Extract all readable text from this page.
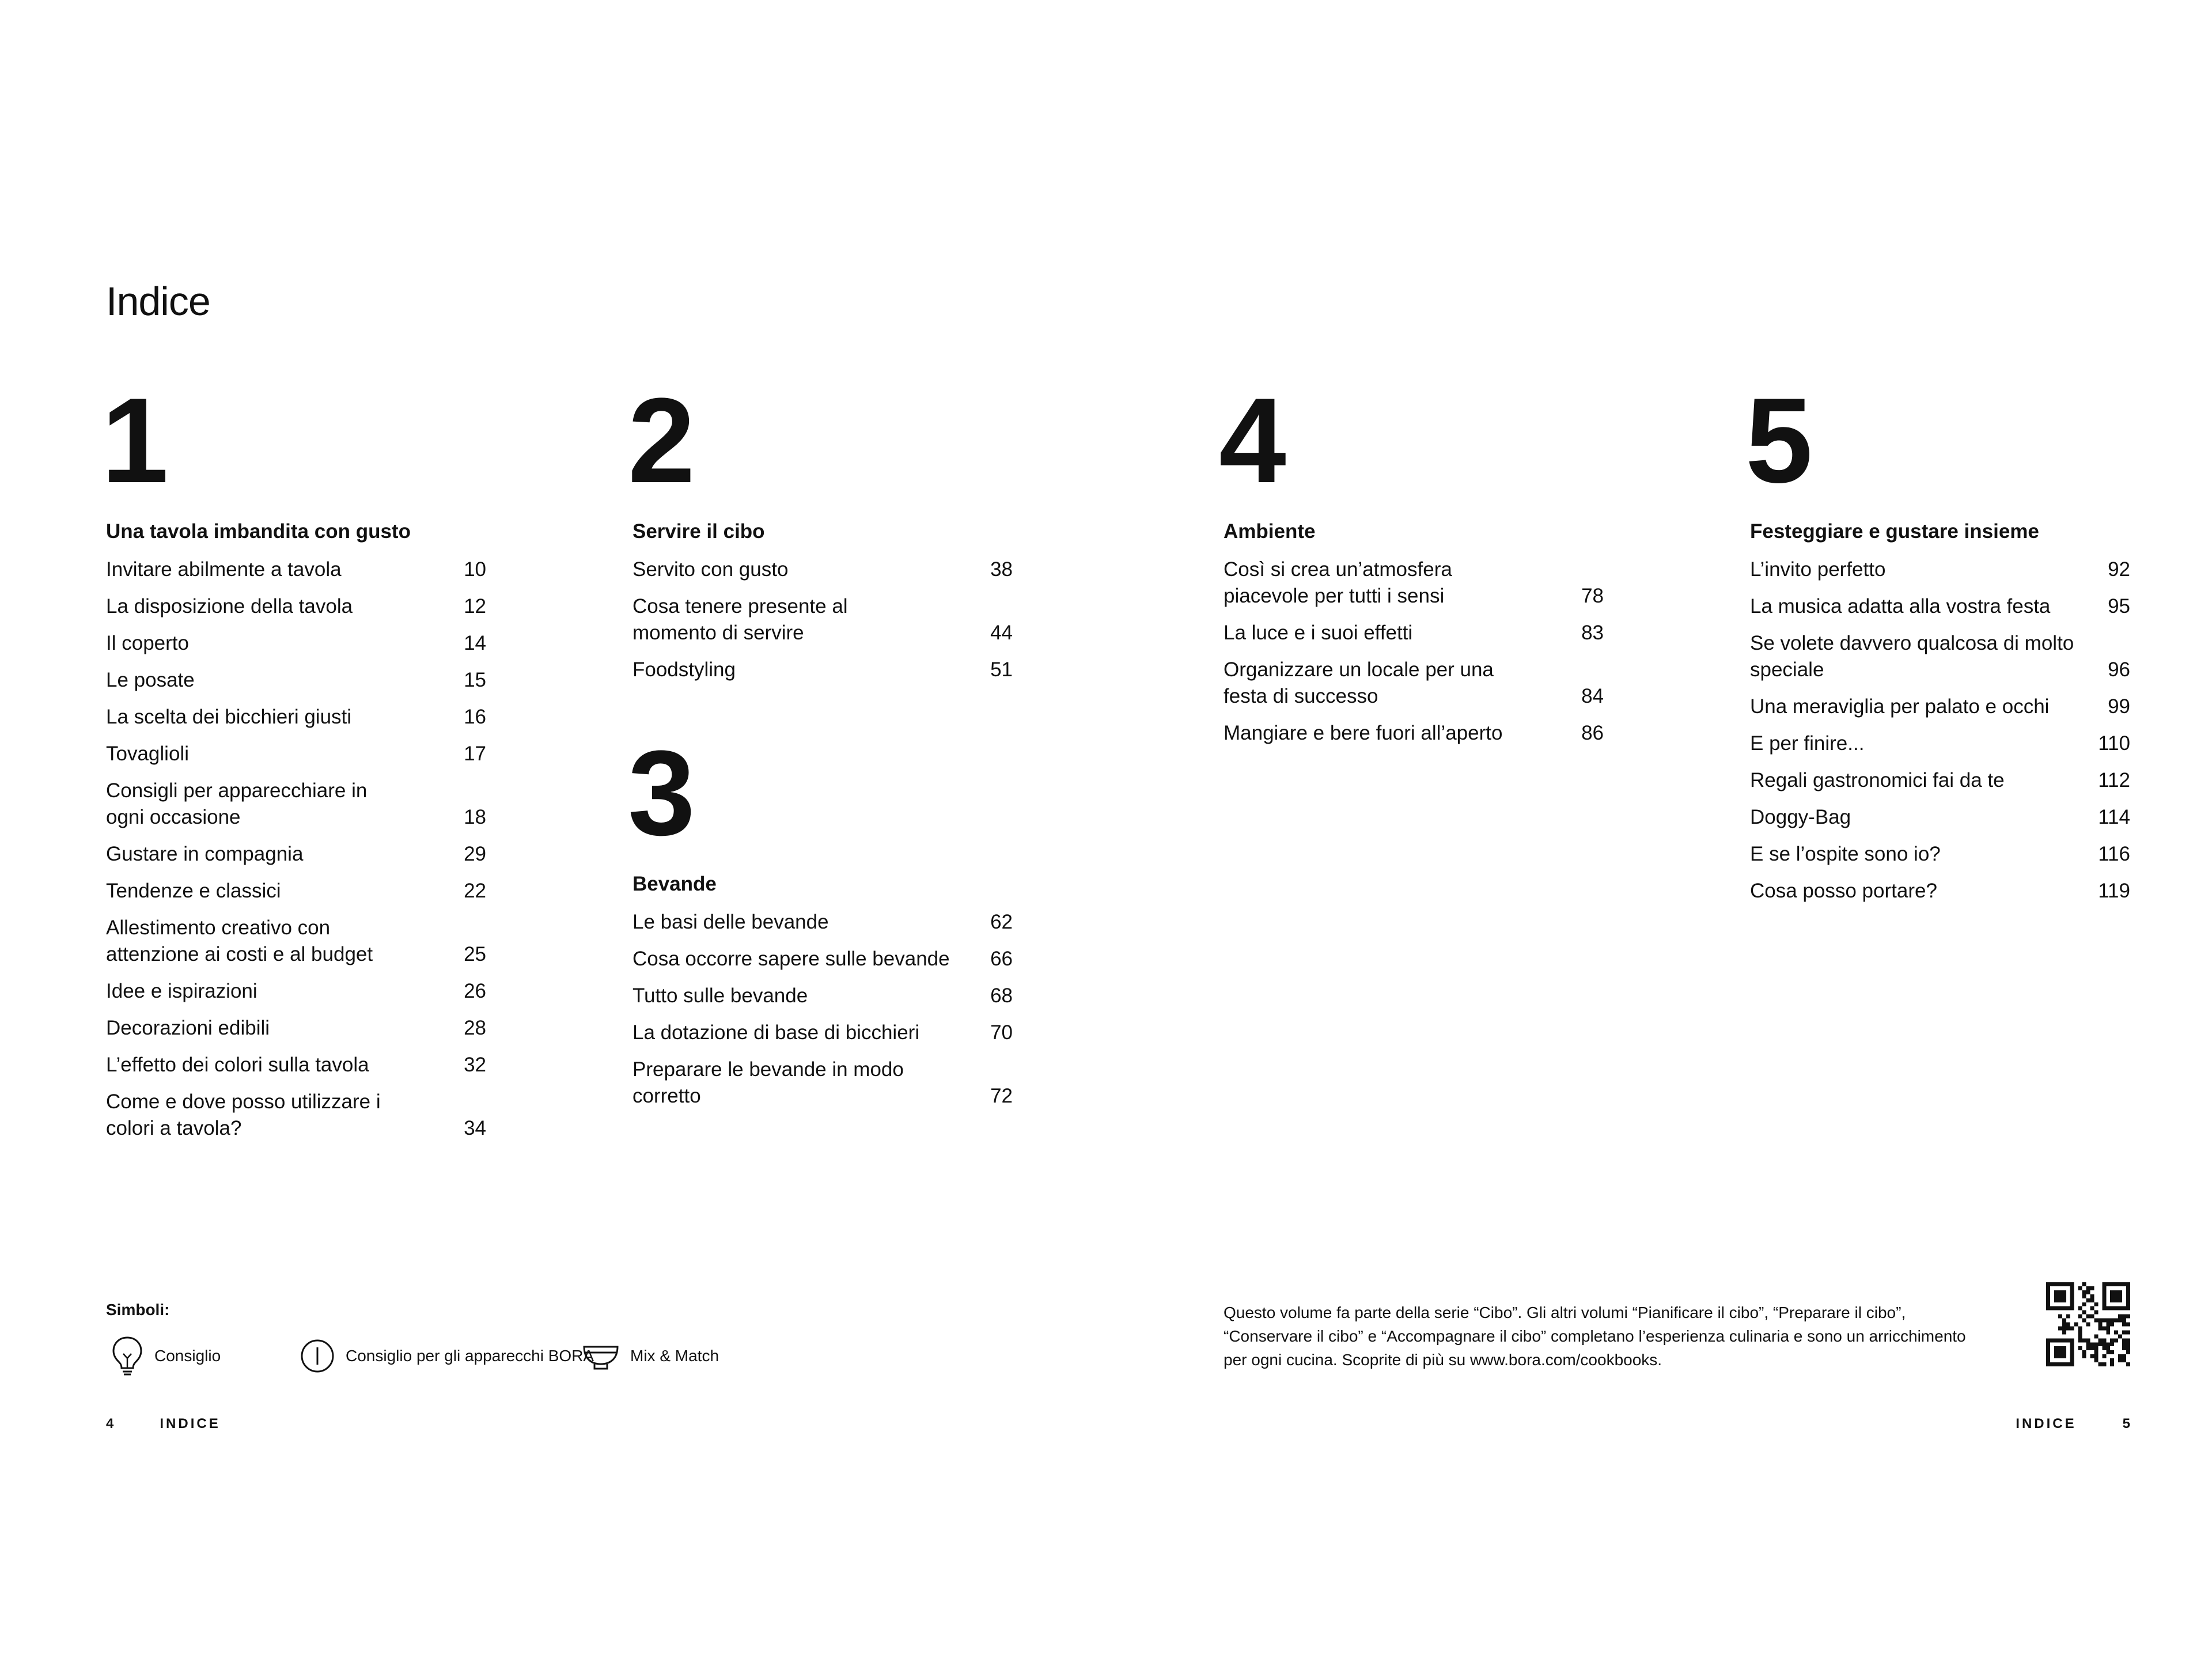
Indice
1
Una tavola imbandita con gusto
Invitare abilmente a tavola	10
La disposizione della tavola	12
Il coperto	14
Le posate	15
La scelta dei bicchieri giusti	16
Tovaglioli	17
Consigli per apparecchiare in
ogni occasione	18
Gustare in compagnia	29
Tendenze e classici	22
Allestimento creativo con
attenzione ai costi e al budget	25
Idee e ispirazioni	26
Decorazioni edibili	28
L’effetto dei colori sulla tavola	32
Come e dove posso utilizzare i
colori a tavola?	34
2
Servire il cibo
Servito con gusto	38
Cosa tenere presente al
momento di servire	44
Foodstyling	51
3
Bevande
Le basi delle bevande	62
Cosa occorre sapere sulle bevande	66
Tutto sulle bevande	68
La dotazione di base di bicchieri	70
Preparare le bevande in modo corretto	72
4
Ambiente
Così si crea un’atmosfera
piacevole per tutti i sensi	78
La luce e i suoi effetti	83
Organizzare un locale per una
festa di successo	84
Mangiare e bere fuori all’aperto	86
5
Festeggiare e gustare insieme
L’invito perfetto	92
La musica adatta alla vostra festa	95
Se volete davvero qualcosa di molto
speciale	96
Una meraviglia per palato e occhi	99
E per finire...	110
Regali gastronomici fai da te	112
Doggy-Bag	114
E se l’ospite sono io?	116
Cosa posso portare?	119
Simboli:
Consiglio	Consiglio per gli apparecchi BORA Mix & Match
Questo volume fa parte della serie “Cibo”. Gli altri volumi “Pianificare il cibo”, “Preparare il cibo”, “Conservare il cibo” e “Accompagnare il cibo” completano l’esperienza culinaria e sono un arricchimento per ogni cucina. Scoprite di più su www.bora.com/cookbooks.
4	INDICE	INDICE	5
